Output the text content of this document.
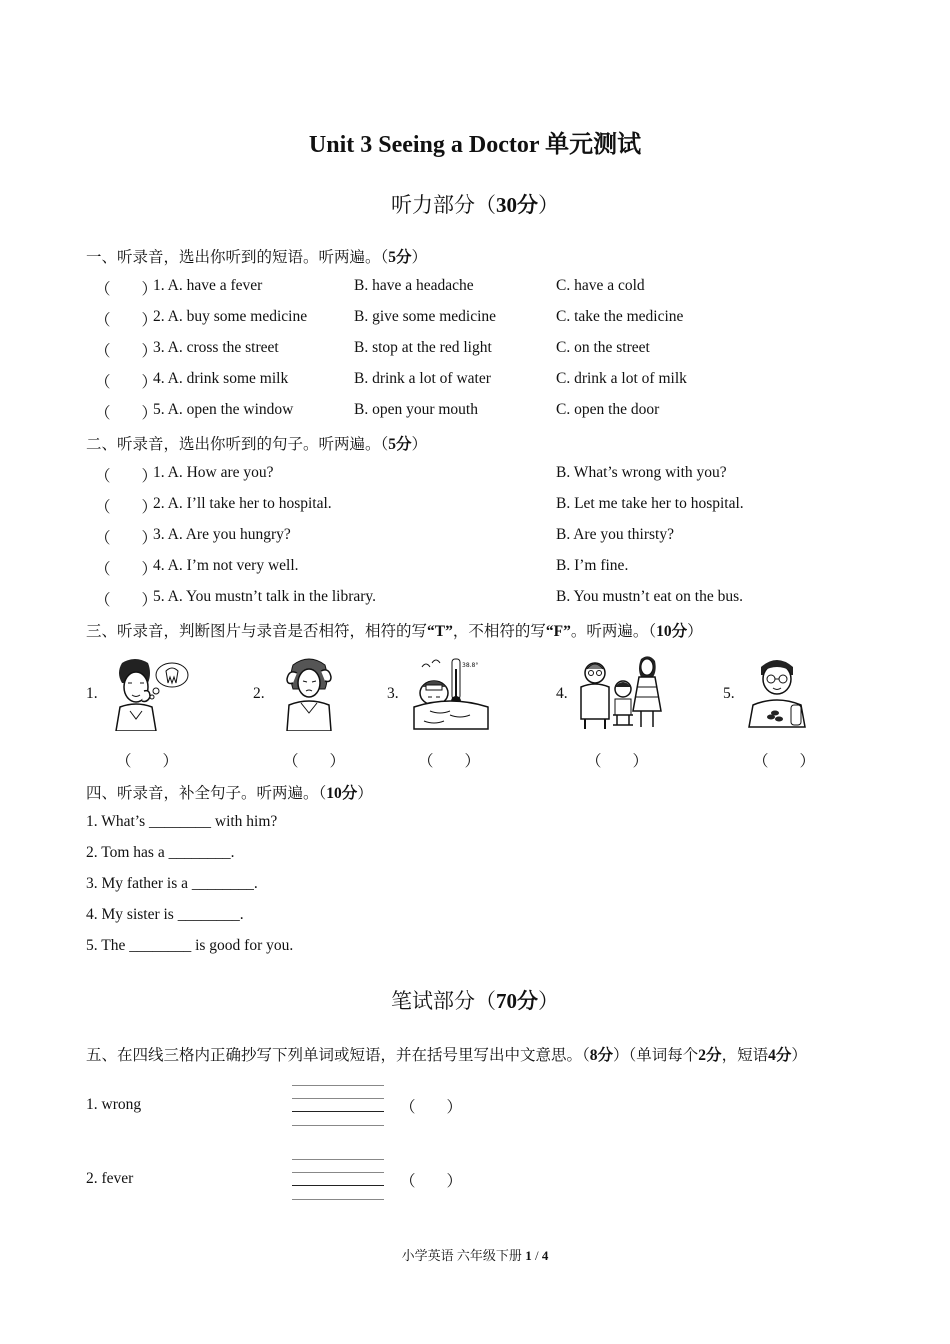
Unit 3 Seeing a Doctor 单元测试
听力部分（30分）
一、听录音，选出你听到的短语。听两遍。（5分）
（　　）
1. A. have a fever	B. have a headache	C. have a cold
（　　）
2. A. buy some medicine	B. give some medicine	C. take the medicine
（　　）
3. A. cross the street	B. stop at the red light	C. on the street
（　　）
4. A. drink some milk	B. drink a lot of water	C. drink a lot of milk
（　　）
5. A. open the window	B. open your mouth	C. open the door
二、听录音，选出你听到的句子。听两遍。（5分）
（　　）
1. A. How are you?	B. What’s wrong with you?
（　　）
2. A. I’ll take her to hospital.	B. Let me take her to hospital.
（　　）
3. A. Are you hungry?	B. Are you thirsty?
（　　）
4. A. I’m not very well.	B. I’m fine.
（　　）
5. A. You mustn’t talk in the library.	B. You mustn’t eat on the bus.
三、听录音，判断图片与录音是否相符，相符的写“T”，不相符的写“F”。听两遍。（10分）
1.	2.	3.	4.	5.
38.8°
（　　）	（　　）	（　　）	（　　）	（　　）
四、听录音，补全句子。听两遍。（10分）
1. What’s ________ with him?
2. Tom has a ________.
3. My father is a ________.
4. My sister is ________.
5. The ________ is good for you.
笔试部分（70分）
五、在四线三格内正确抄写下列单词或短语，并在括号里写出中文意思。（8分）（单词每个2分，短语4分）
1. wrong	（　　）
2. fever	（　　）
小学英语 六年级下册 1 / 4
